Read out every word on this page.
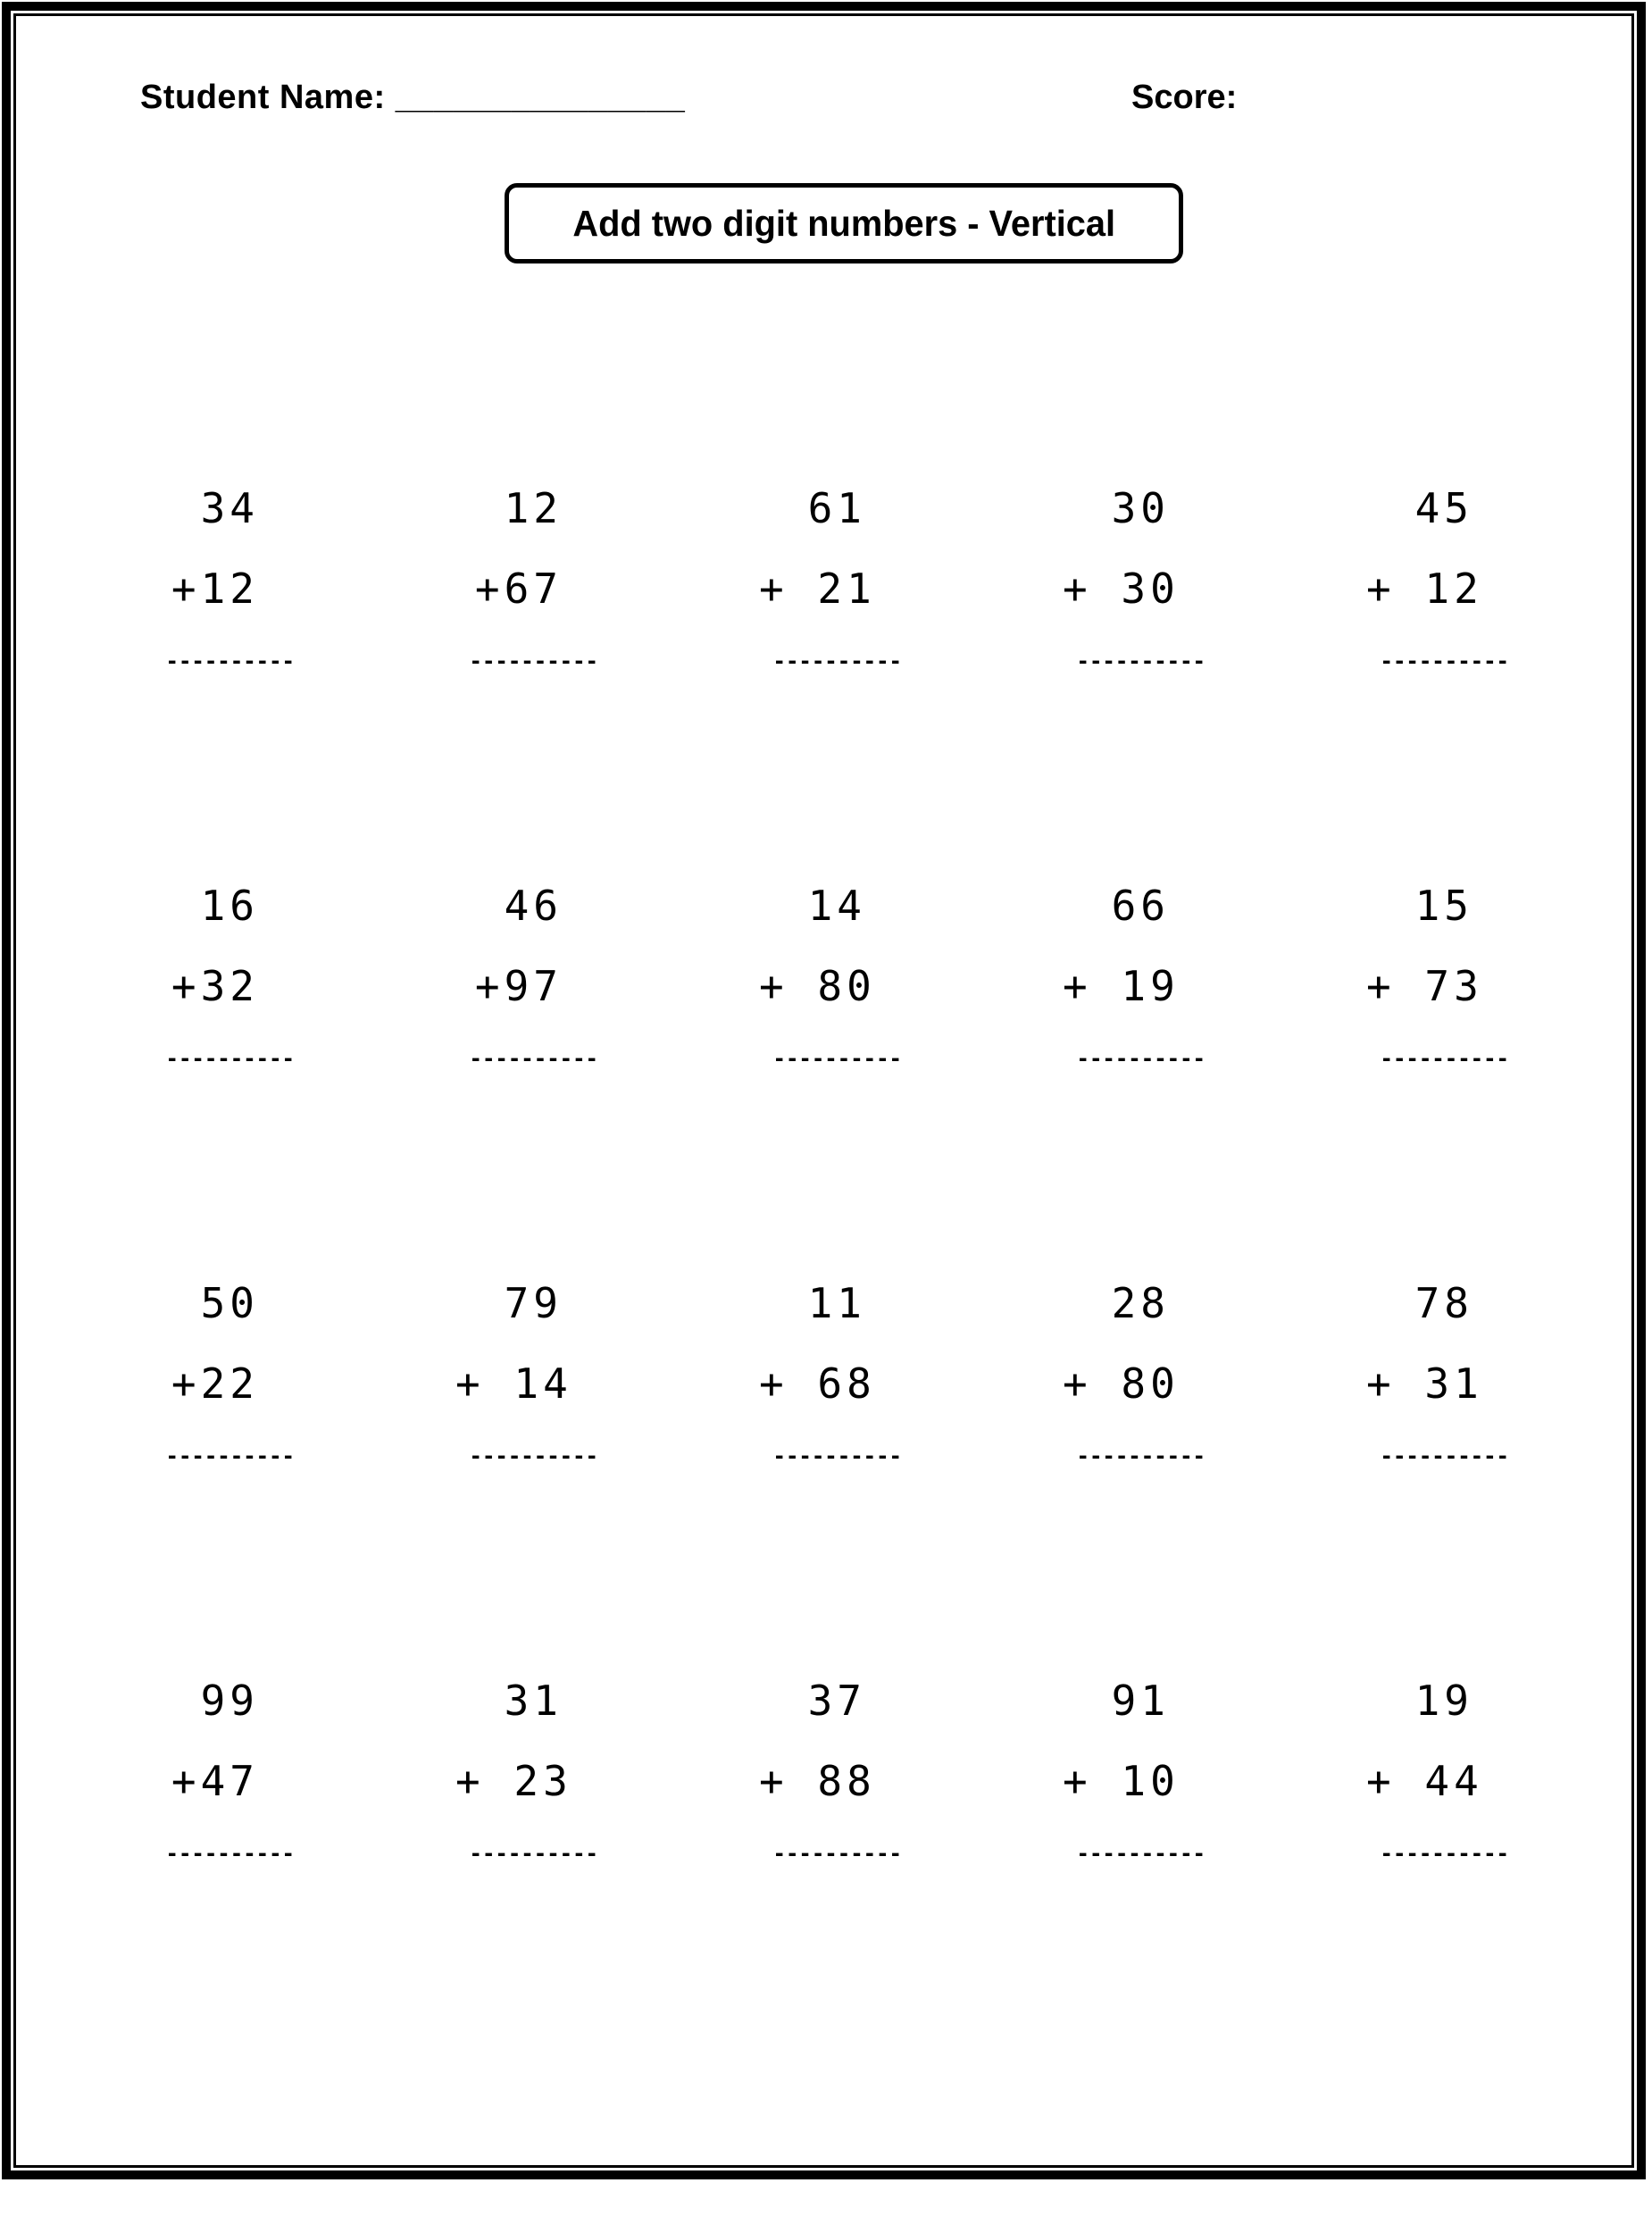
Student Name: _______________	Score:
Add two digit numbers - Vertical
34
+12
----------
12
+67
----------
61
+ 21
----------
30
+ 30
----------
45
+ 12
----------
16
+32
----------
46
+97
----------
14
+ 80
----------
66
+ 19
----------
15
+ 73
----------
50
+22
----------
79
+ 14
----------
11
+ 68
----------
28
+ 80
----------
78
+ 31
----------
99
+47
----------
31
+ 23
----------
37
+ 88
----------
91
+ 10
----------
19
+ 44
----------
